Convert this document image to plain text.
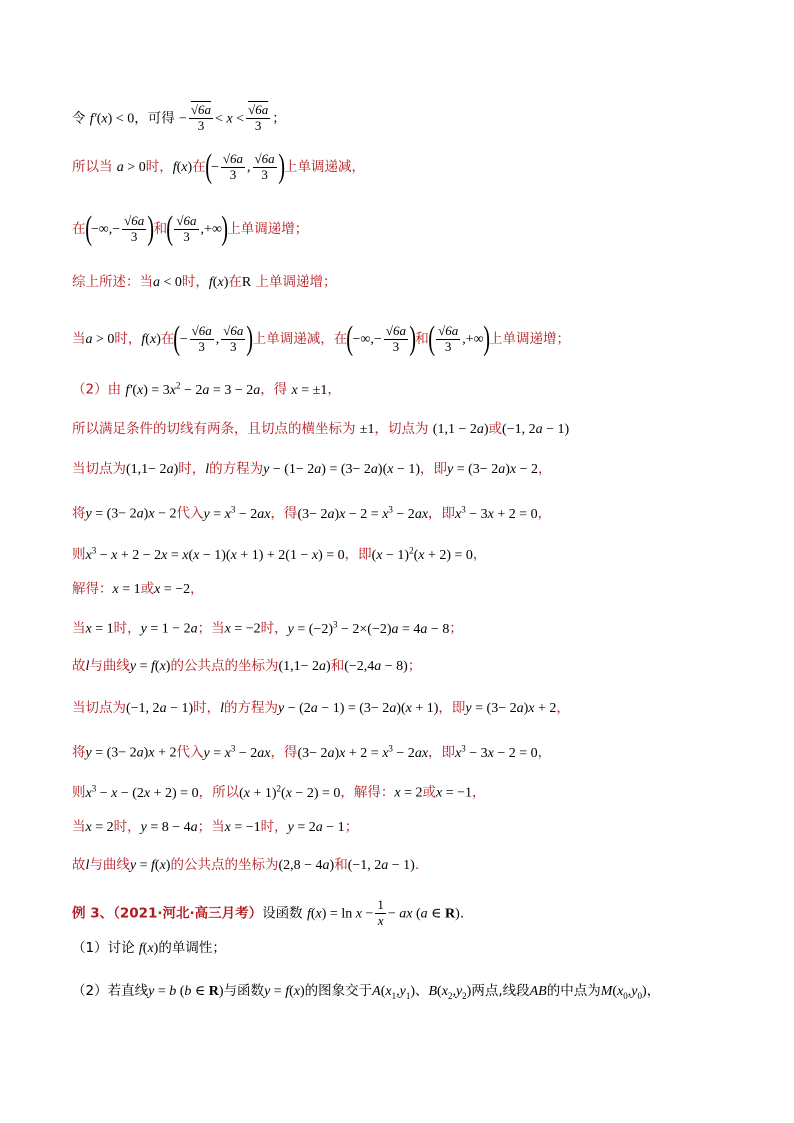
令 f′(x) < 0，可得 − $\frac{√6a}{3} < x < \frac{√6a}{3}$ ；
所以当 a > 0时，f(x)在(− $\frac{√6a}{3}$ , $\frac{√6a}{3}$ )上单调递减，
在(−∞,− $\frac{√6a}{3}$ )和( $\frac{√6a}{3}$ ,+∞)上单调递增；
综上所述：当a < 0时，f(x)在R 上单调递增；
当a > 0时，f(x)在(− $\frac{√6a}{3}$ , $\frac{√6a}{3}$ )上单调递减，在(−∞,− $\frac{√6a}{3}$ )和( $\frac{√6a}{3}$ ,+∞)上单调递增；
（2）由 $f'(x) = 3x^2 - 2a = 3 - 2a$，得 x = ±1，
所以满足条件的切线有两条，且切点的横坐标为 ±1，切点为 (1,1 − 2a)或(−1, 2a − 1)
当切点为(1,1− 2a)时，l的方程为y − (1− 2a) = (3− 2a)(x − 1)，即y = (3− 2a)x − 2，
将y = (3− 2a)x − 2代入$y = x^3 - 2ax$，得$(3- 2a)x - 2 = x^3 - 2ax$，即$x^3 - 3x + 2 = 0$，
则$x^3 - x + 2 - 2x = x(x - 1)(x + 1) + 2(1 - x) = 0$，即$(x - 1)^2(x + 2) = 0$，
解得：x = 1或x = −2，
当x = 1时，y = 1 − 2a；当x = −2时，$y = (-2)^3 - 2\times(-2)a = 4a - 8$；
故l与曲线y = f(x)的公共点的坐标为(1,1− 2a)和(−2,4a − 8)；
当切点为(−1, 2a − 1)时，l的方程为y − (2a − 1) = (3− 2a)(x + 1)，即y = (3− 2a)x + 2，
将y = (3− 2a)x + 2代入$y = x^3 - 2ax$，得$(3- 2a)x + 2 = x^3 - 2ax$，即$x^3 - 3x - 2 = 0$，
则$x^3 - x - (2x + 2) = 0$，所以$(x + 1)^2(x - 2) = 0$，解得：x = 2或x = −1，
当x = 2时，y = 8 − 4a；当x = −1时，y = 2a − 1；
故l与曲线y = f(x)的公共点的坐标为(2,8 − 4a)和(−1, 2a − 1).
例 3、（2021·河北·高三月考）设函数 $f(x) = \ln x - \frac{1}{x}$ − ax (a ∈ R).
（1）讨论 f(x)的单调性；
（2）若直线y = b (b ∈ R)与函数y = f(x)的图象交于$A(x_1,y_1)$、$B(x_2,y_2)$两点,线段AB的中点为$M(x_0,y_0)$，
